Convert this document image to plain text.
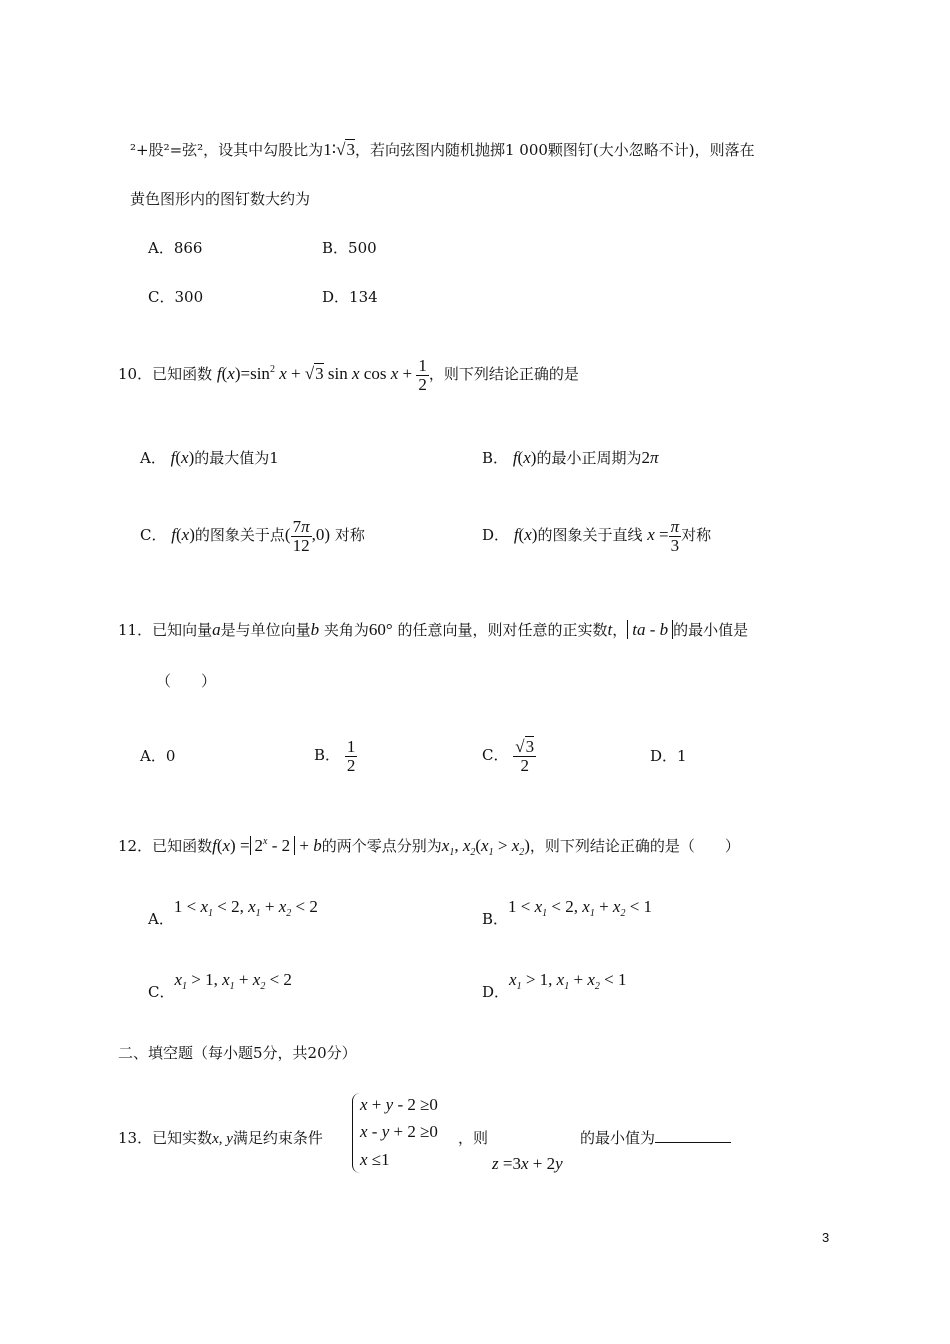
²+股²=弦²，设其中勾股比为1∶√3，若向弦图内随机抛掷1 000颗图钉(大小忽略不计)，则落在
黄色图形内的图钉数大约为
A．866	B．500
C．300	D．134
10．已知函数 $f(x)=\sin^2$ x + √3 sin x $\cos x + \frac{1}{2}$ ，则下列结论正确的是
A． f(x)的最大值为1	B． f(x)的最小正周期为2π
C． f(x)的图象关于点( $\frac{7\pi}{12} ,0$) 对称	D． f(x)的图象关于直线 $x = \frac{\pi}{3}$ 对称
11．已知向量a是与单位向量b 夹角为60° 的任意向量，则对任意的正实数t， ta - b 的最小值是
（　　）
A．0	B． $\frac{1}{2}$	C． $\frac{√3}{2}$	D．1
12．已知函数$f(x) = 2^x - 2 + b$的两个零点分别为$x_1$, $x_2(x_1 > x_2)$，则下列结论正确的是（　　）
A．$1 < x_1 < 2$, $x_1 + x_2 < 2$
B．$1 < x_1 < 2$, $x_1 + x_2 < 1$
C．$x_1 > 1$, $x_1 + x_2 < 2$
D．$x_1 > 1$, $x_1 + x_2 < 1$
二、填空题（每小题5分，共20分）
13．已知实数x, y满足约束条件
x + y - 2 ≥0
x - y + 2 ≥0
x ≤1
，则
z =3x + 2y
的最小值为
3
